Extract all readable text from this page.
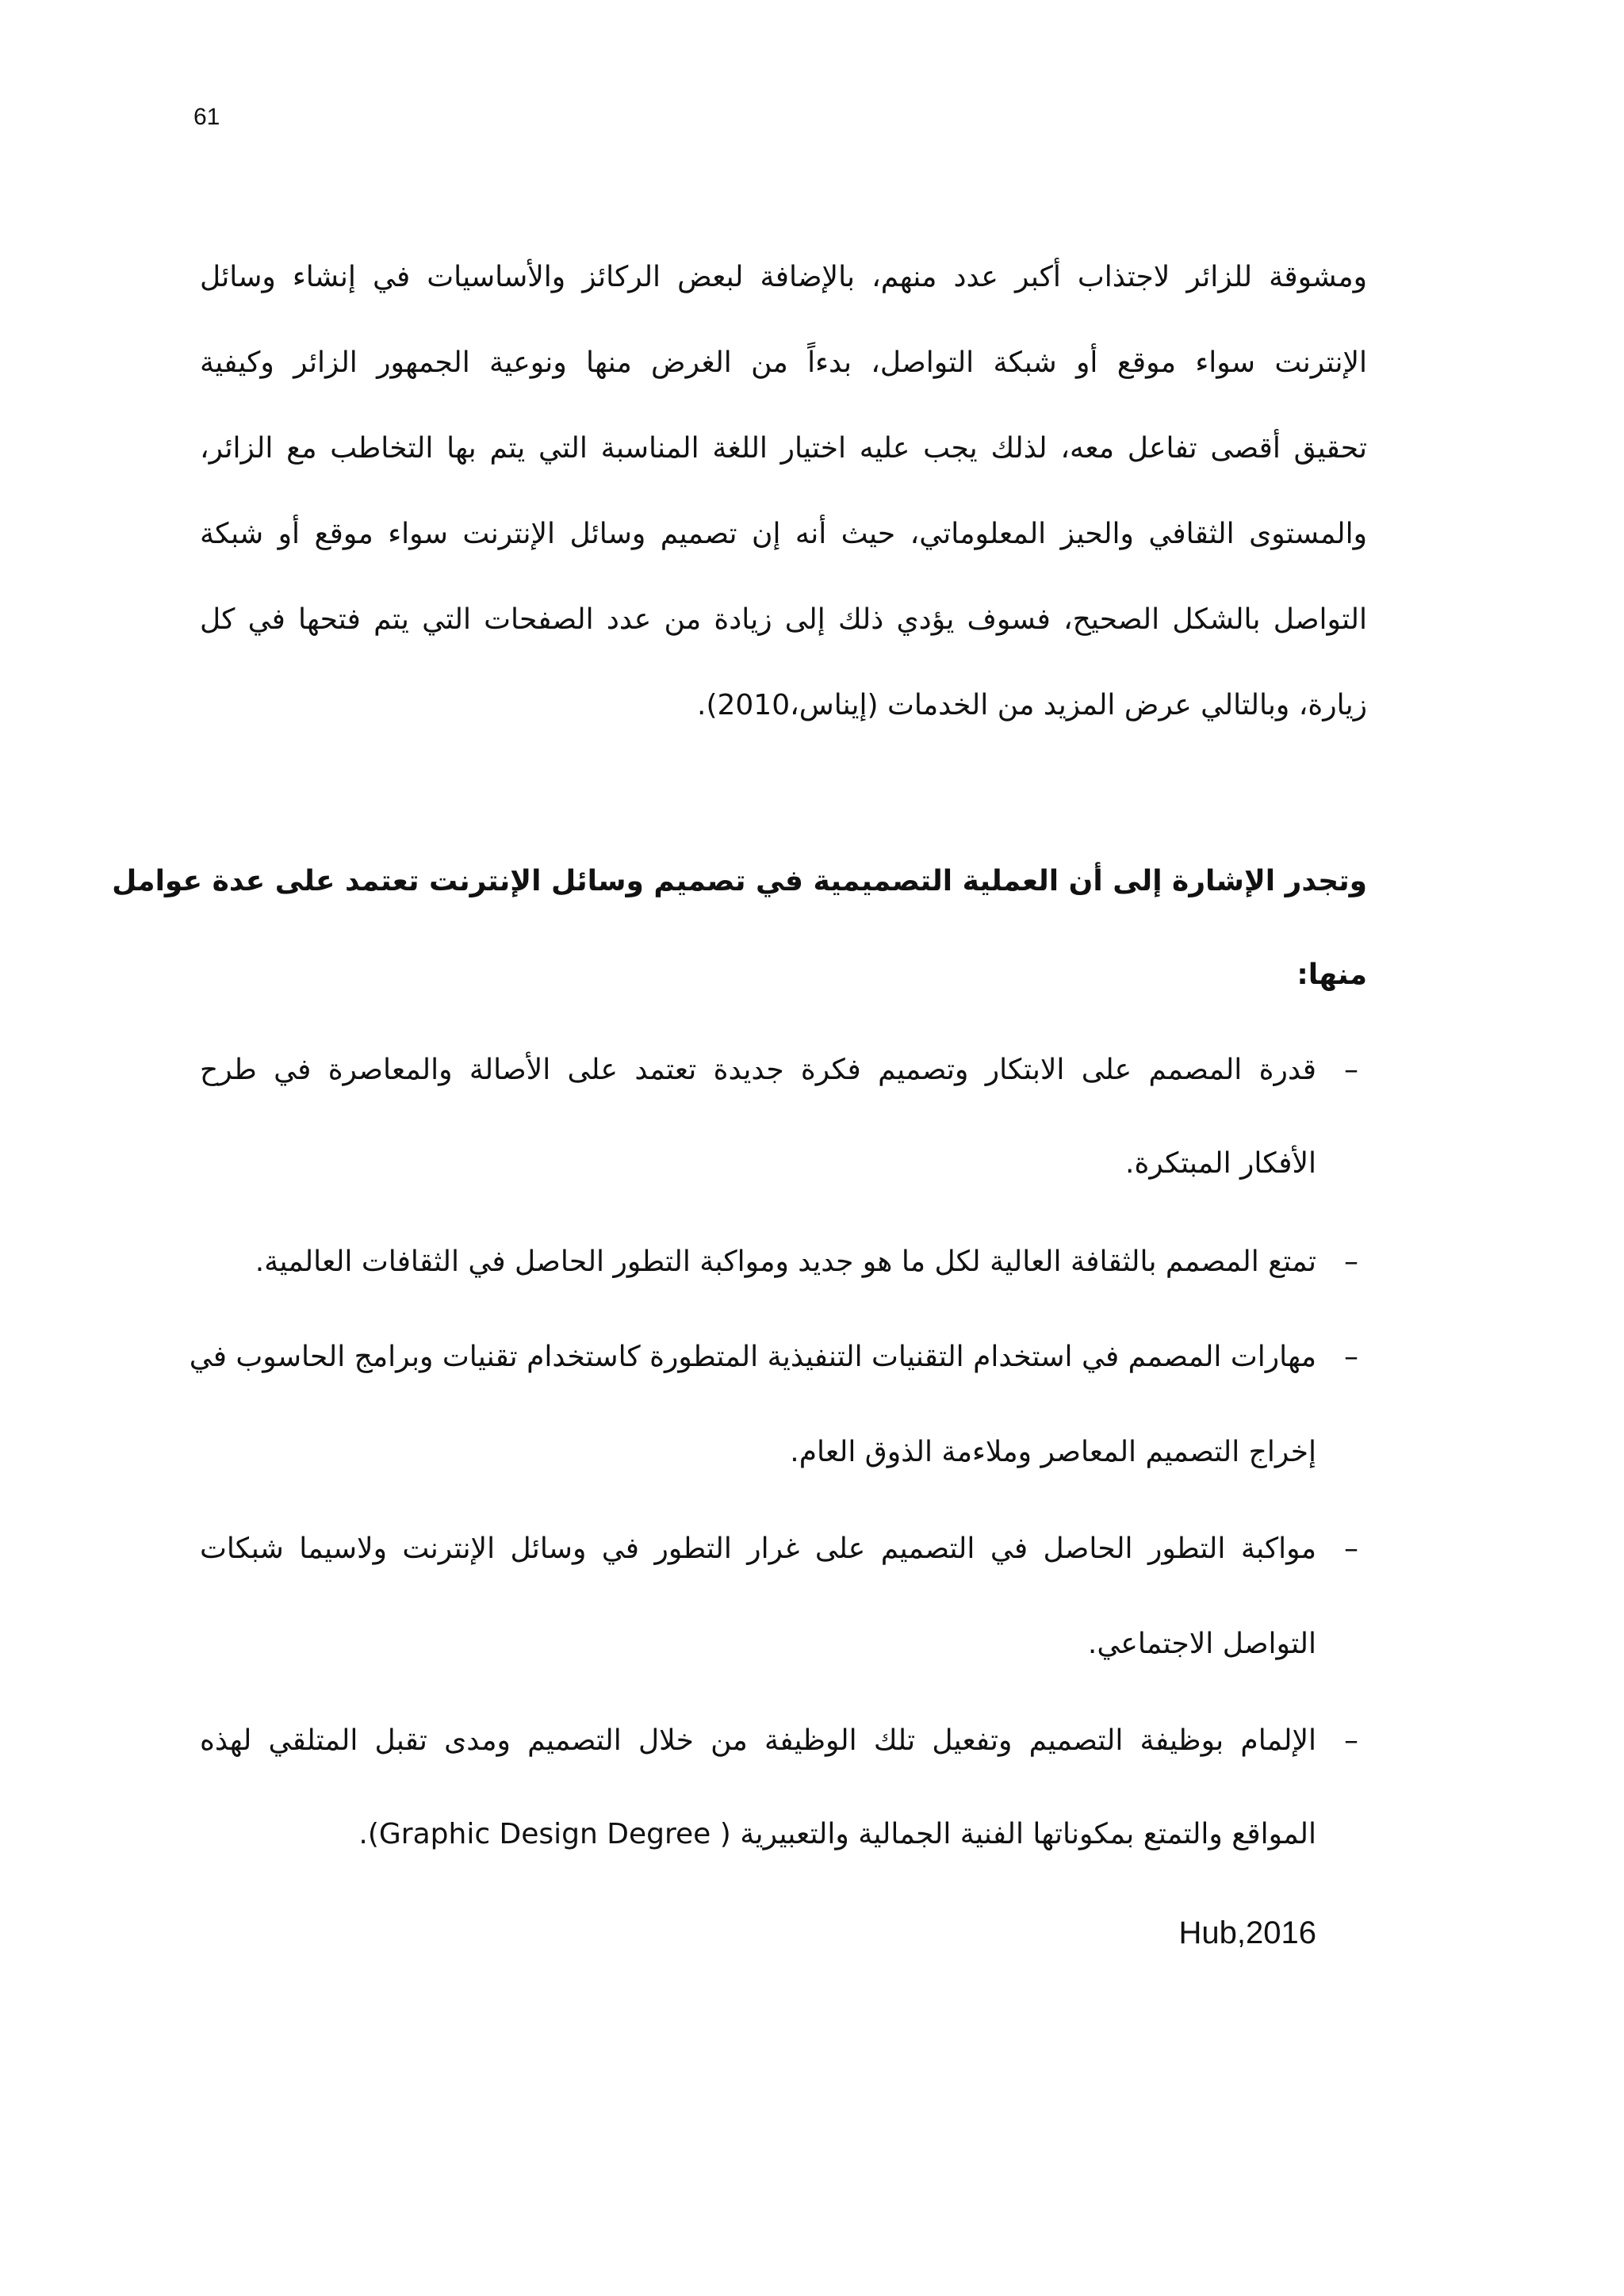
61
ومشوقة للزائر لاجتذاب أكبر عدد منهم، بالإضافة لبعض الركائز والأساسيات في إنشاء وسائل
الإنترنت سواء موقع أو شبكة التواصل، بدءاً من الغرض منها ونوعية الجمهور الزائر وكيفية
تحقيق أقصى تفاعل معه، لذلك يجب عليه اختيار اللغة المناسبة التي يتم بها التخاطب مع الزائر،
والمستوى الثقافي والحيز المعلوماتي، حيث أنه إن تصميم وسائل الإنترنت سواء موقع أو شبكة
التواصل بالشكل الصحيح، فسوف يؤدي ذلك إلى زيادة من عدد الصفحات التي يتم فتحها في كل
زيارة، وبالتالي عرض المزيد من الخدمات (إيناس،2010).
وتجدر الإشارة إلى أن العملية التصميمية في تصميم وسائل الإنترنت تعتمد على عدة عوامل
منها:
–
قدرة المصمم على الابتكار وتصميم فكرة جديدة تعتمد على الأصالة والمعاصرة في طرح
الأفكار المبتكرة.
–
تمتع المصمم بالثقافة العالية لكل ما هو جديد ومواكبة التطور الحاصل في الثقافات العالمية.
–
مهارات المصمم في استخدام التقنيات التنفيذية المتطورة كاستخدام تقنيات وبرامج الحاسوب في
إخراج التصميم المعاصر وملاءمة الذوق العام.
–
مواكبة التطور الحاصل في التصميم على غرار التطور في وسائل الإنترنت ولاسيما شبكات
التواصل الاجتماعي.
–
الإلمام بوظيفة التصميم وتفعيل تلك الوظيفة من خلال التصميم ومدى تقبل المتلقي لهذه
المواقع والتمتع بمكوناتها الفنية الجمالية والتعبيرية ( Graphic Design Degree).
Hub,2016
